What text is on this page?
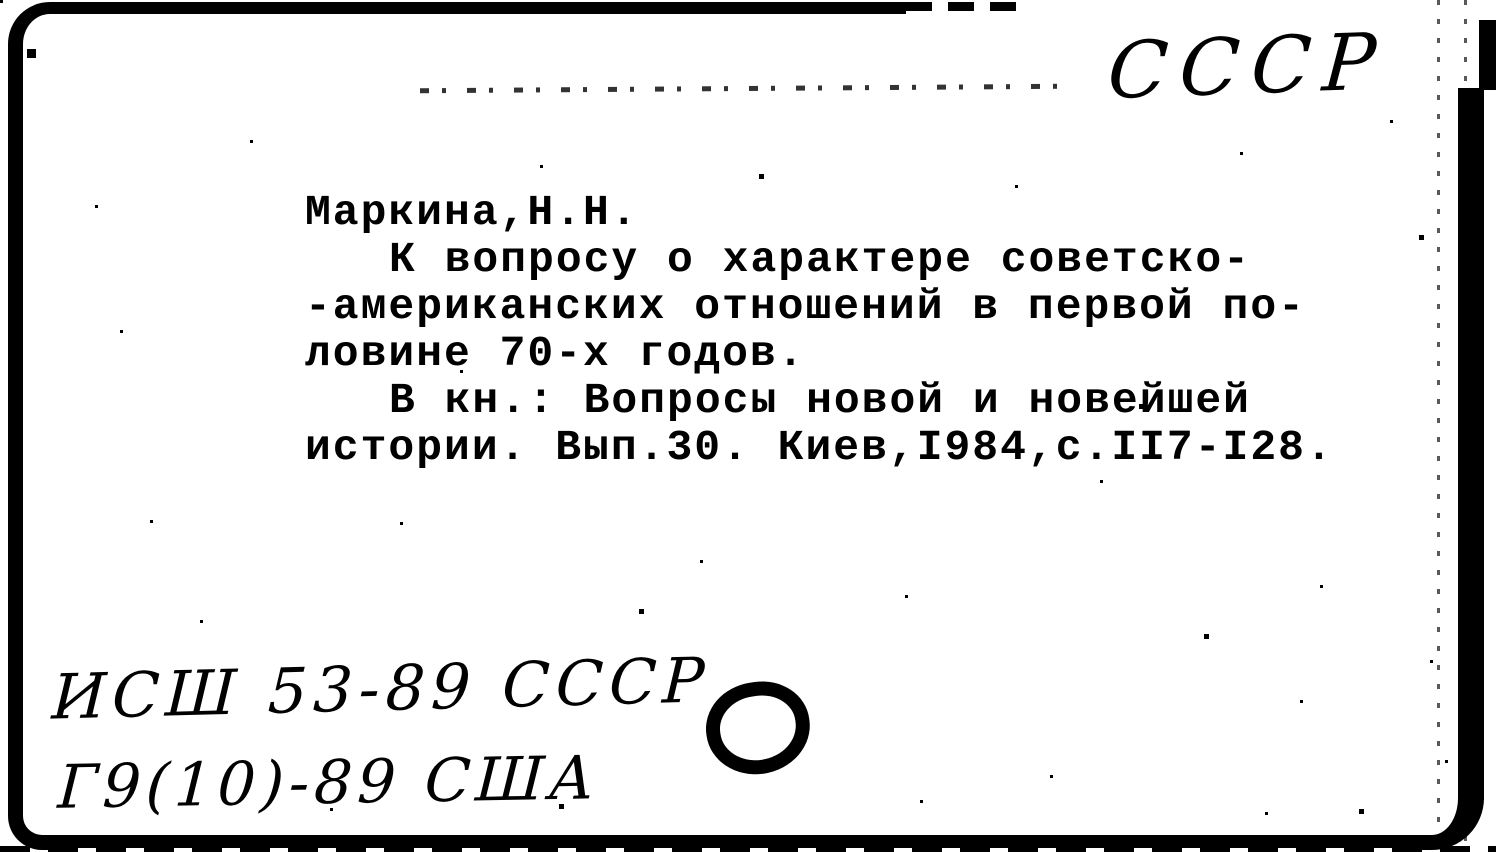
СССР
Маркина,Н.Н.
К вопросу о характере советско-
-американских отношений в первой по-
ловине 70-х годов.
В кн.: Вопросы новой и новейшей
истории. Вып.30. Киев,I984,с.II7-I28.
ИСШ 53-89 СССР
Г9(10)-89 США
